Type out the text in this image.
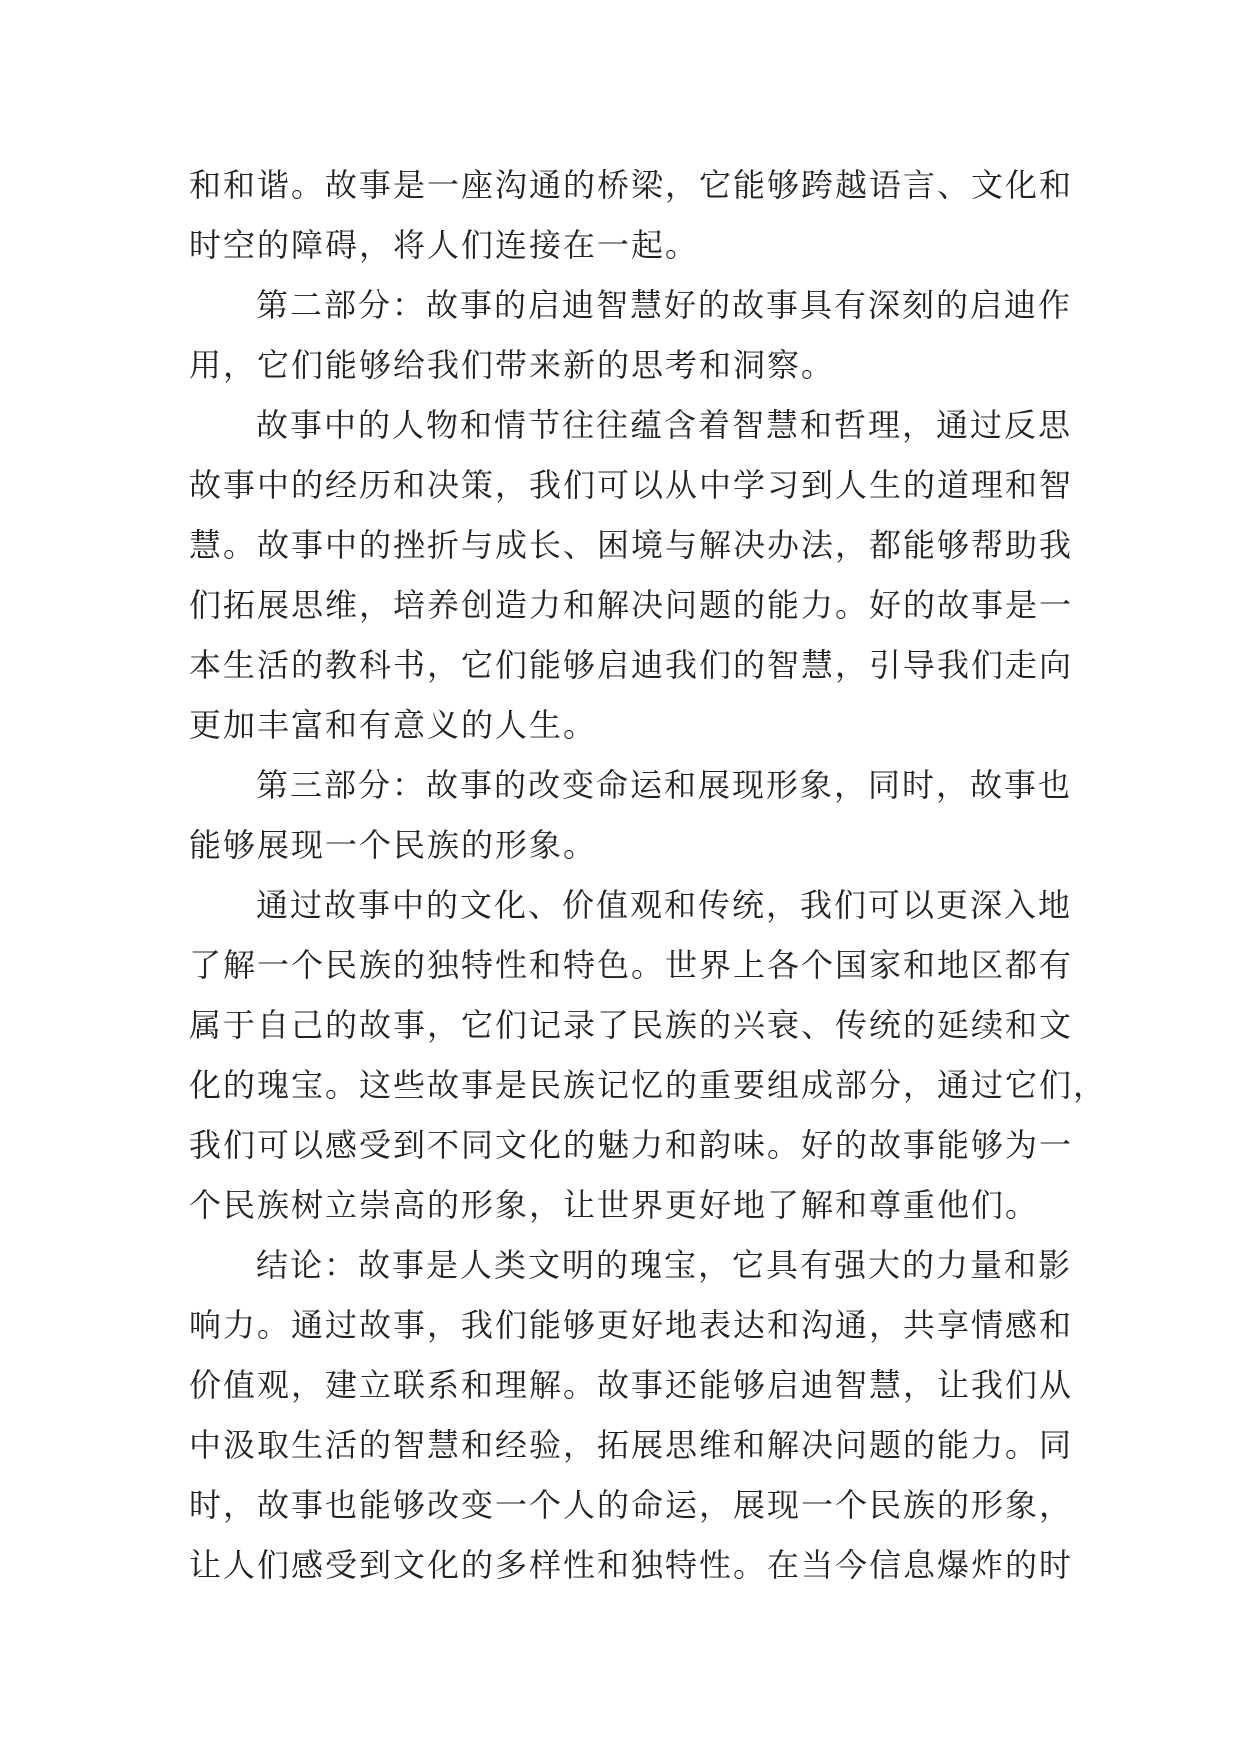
和和谐。故事是一座沟通的桥梁，它能够跨越语言、文化和
时空的障碍，将人们连接在一起。
第二部分：故事的启迪智慧好的故事具有深刻的启迪作
用，它们能够给我们带来新的思考和洞察。
故事中的人物和情节往往蕴含着智慧和哲理，通过反思
故事中的经历和决策，我们可以从中学习到人生的道理和智
慧。故事中的挫折与成长、困境与解决办法，都能够帮助我
们拓展思维，培养创造力和解决问题的能力。好的故事是一
本生活的教科书，它们能够启迪我们的智慧，引导我们走向
更加丰富和有意义的人生。
第三部分：故事的改变命运和展现形象，同时，故事也
能够展现一个民族的形象。
通过故事中的文化、价值观和传统，我们可以更深入地
了解一个民族的独特性和特色。世界上各个国家和地区都有
属于自己的故事，它们记录了民族的兴衰、传统的延续和文
化的瑰宝。这些故事是民族记忆的重要组成部分，通过它们，
我们可以感受到不同文化的魅力和韵味。好的故事能够为一
个民族树立崇高的形象，让世界更好地了解和尊重他们。
结论：故事是人类文明的瑰宝，它具有强大的力量和影
响力。通过故事，我们能够更好地表达和沟通，共享情感和
价值观，建立联系和理解。故事还能够启迪智慧，让我们从
中汲取生活的智慧和经验，拓展思维和解决问题的能力。同
时，故事也能够改变一个人的命运，展现一个民族的形象，
让人们感受到文化的多样性和独特性。在当今信息爆炸的时
